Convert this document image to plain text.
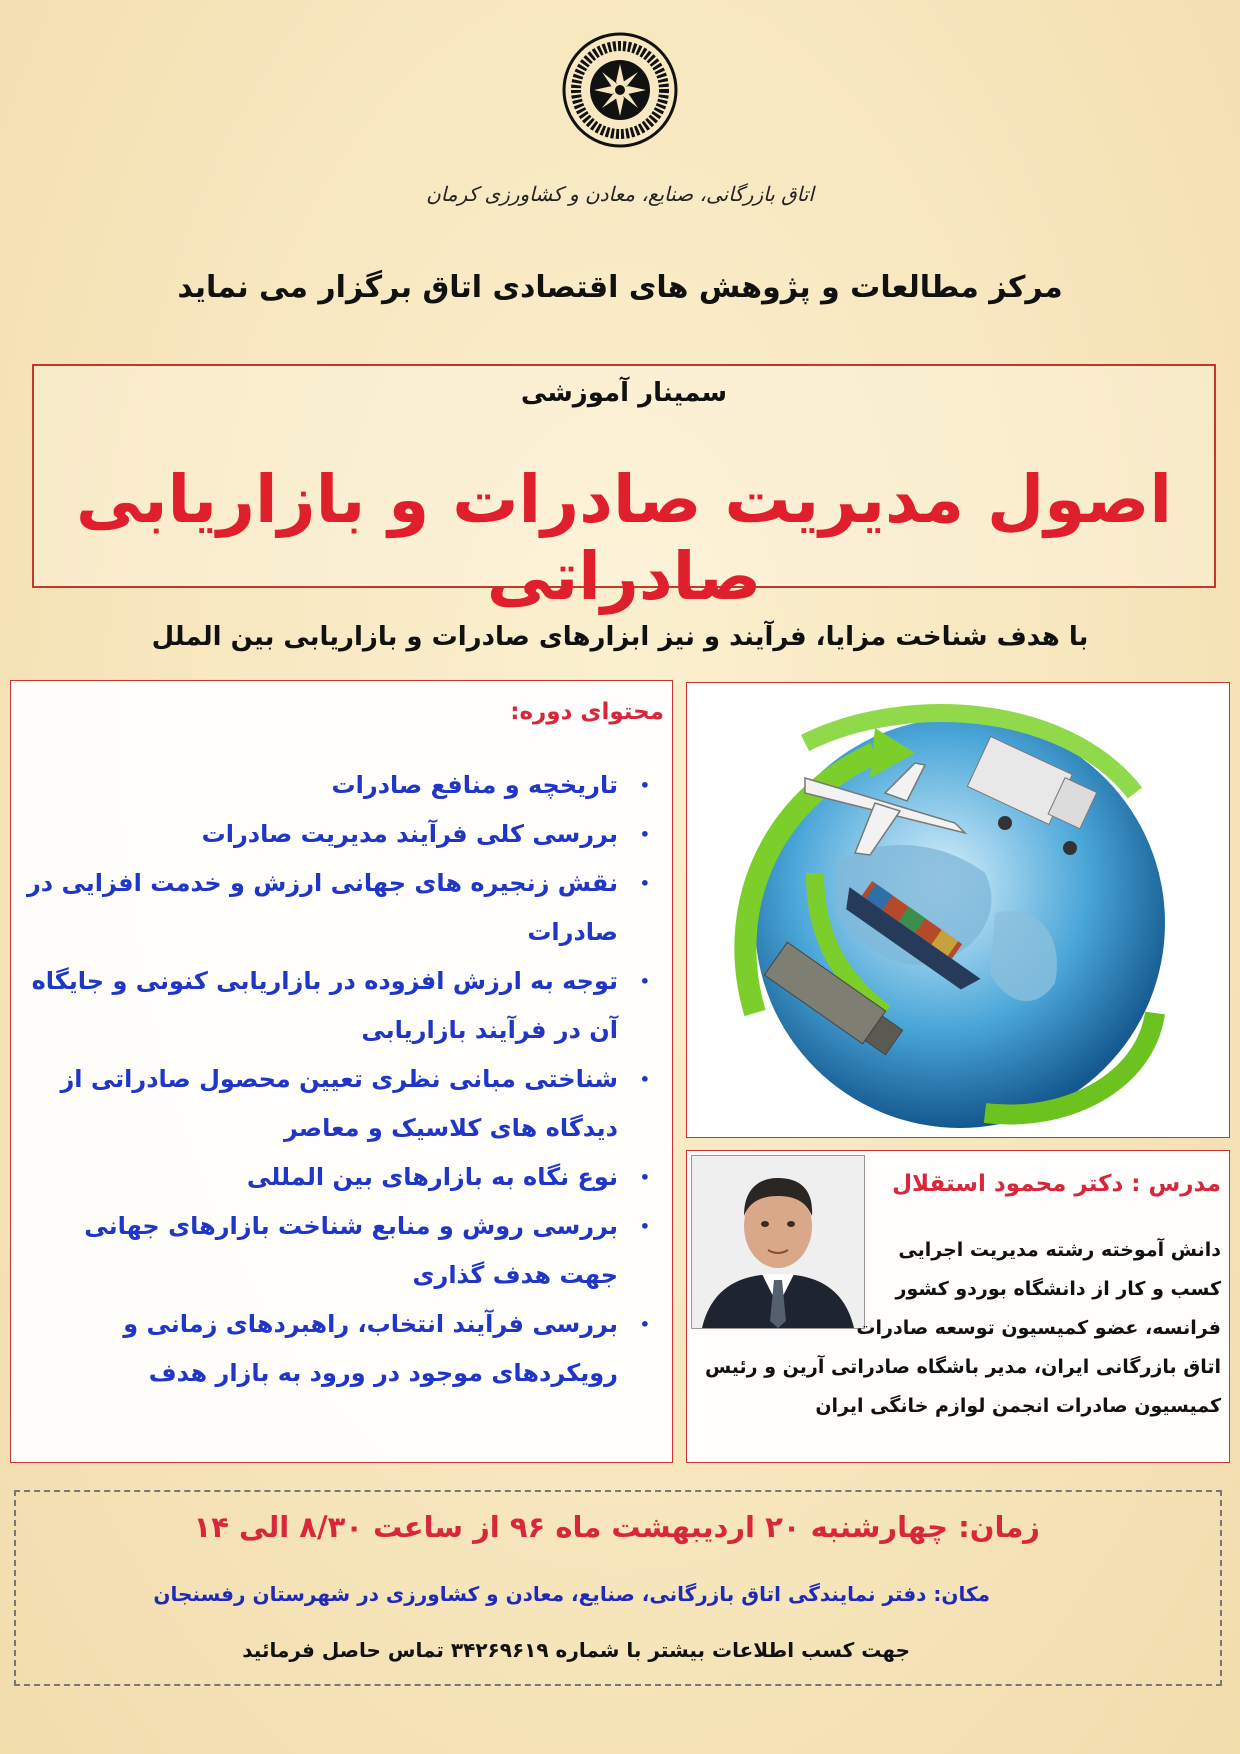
اتاق بازرگانی، صنایع، معادن و کشاورزی کرمان
مرکز مطالعات و پژوهش های اقتصادی اتاق برگزار می نماید
سمینار آموزشی
اصول مدیریت صادرات و بازاریابی صادراتی
با هدف شناخت مزایا، فرآیند و نیز ابزارهای صادرات و بازاریابی بین الملل
محتوای دوره:
•
تاریخچه و منافع صادرات
•
بررسی کلی فرآیند مدیریت صادرات
•
نقش زنجیره های جهانی ارزش و خدمت افزایی در صادرات
•
توجه به ارزش افزوده در بازاریابی کنونی و جایگاه آن در فرآیند بازاریابی
•
شناختی مبانی نظری تعیین محصول صادراتی از دیدگاه های کلاسیک و معاصر
•
نوع نگاه به بازارهای بین المللی
•
بررسی روش و منابع شناخت بازارهای جهانی جهت هدف گذاری
•
بررسی فرآیند انتخاب، راهبردهای زمانی و رویکردهای موجود در ورود به بازار هدف
مدرس : دکتر محمود استقلال
دانش آموخته رشته مدیریت اجرایی
کسب و کار از دانشگاه بوردو کشور
فرانسه، عضو کمیسیون توسعه صادرات
اتاق بازرگانی ایران، مدیر باشگاه صادراتی آرین و رئیس
کمیسیون صادرات انجمن لوازم خانگی ایران
زمان: چهارشنبه ۲۰ اردیبهشت ماه ۹۶ از ساعت ۸/۳۰ الی ۱۴
مکان: دفتر نمایندگی اتاق بازرگانی، صنایع، معادن و کشاورزی در شهرستان رفسنجان
جهت کسب اطلاعات بیشتر با شماره ۳۴۲۶۹۶۱۹ تماس حاصل فرمائید
